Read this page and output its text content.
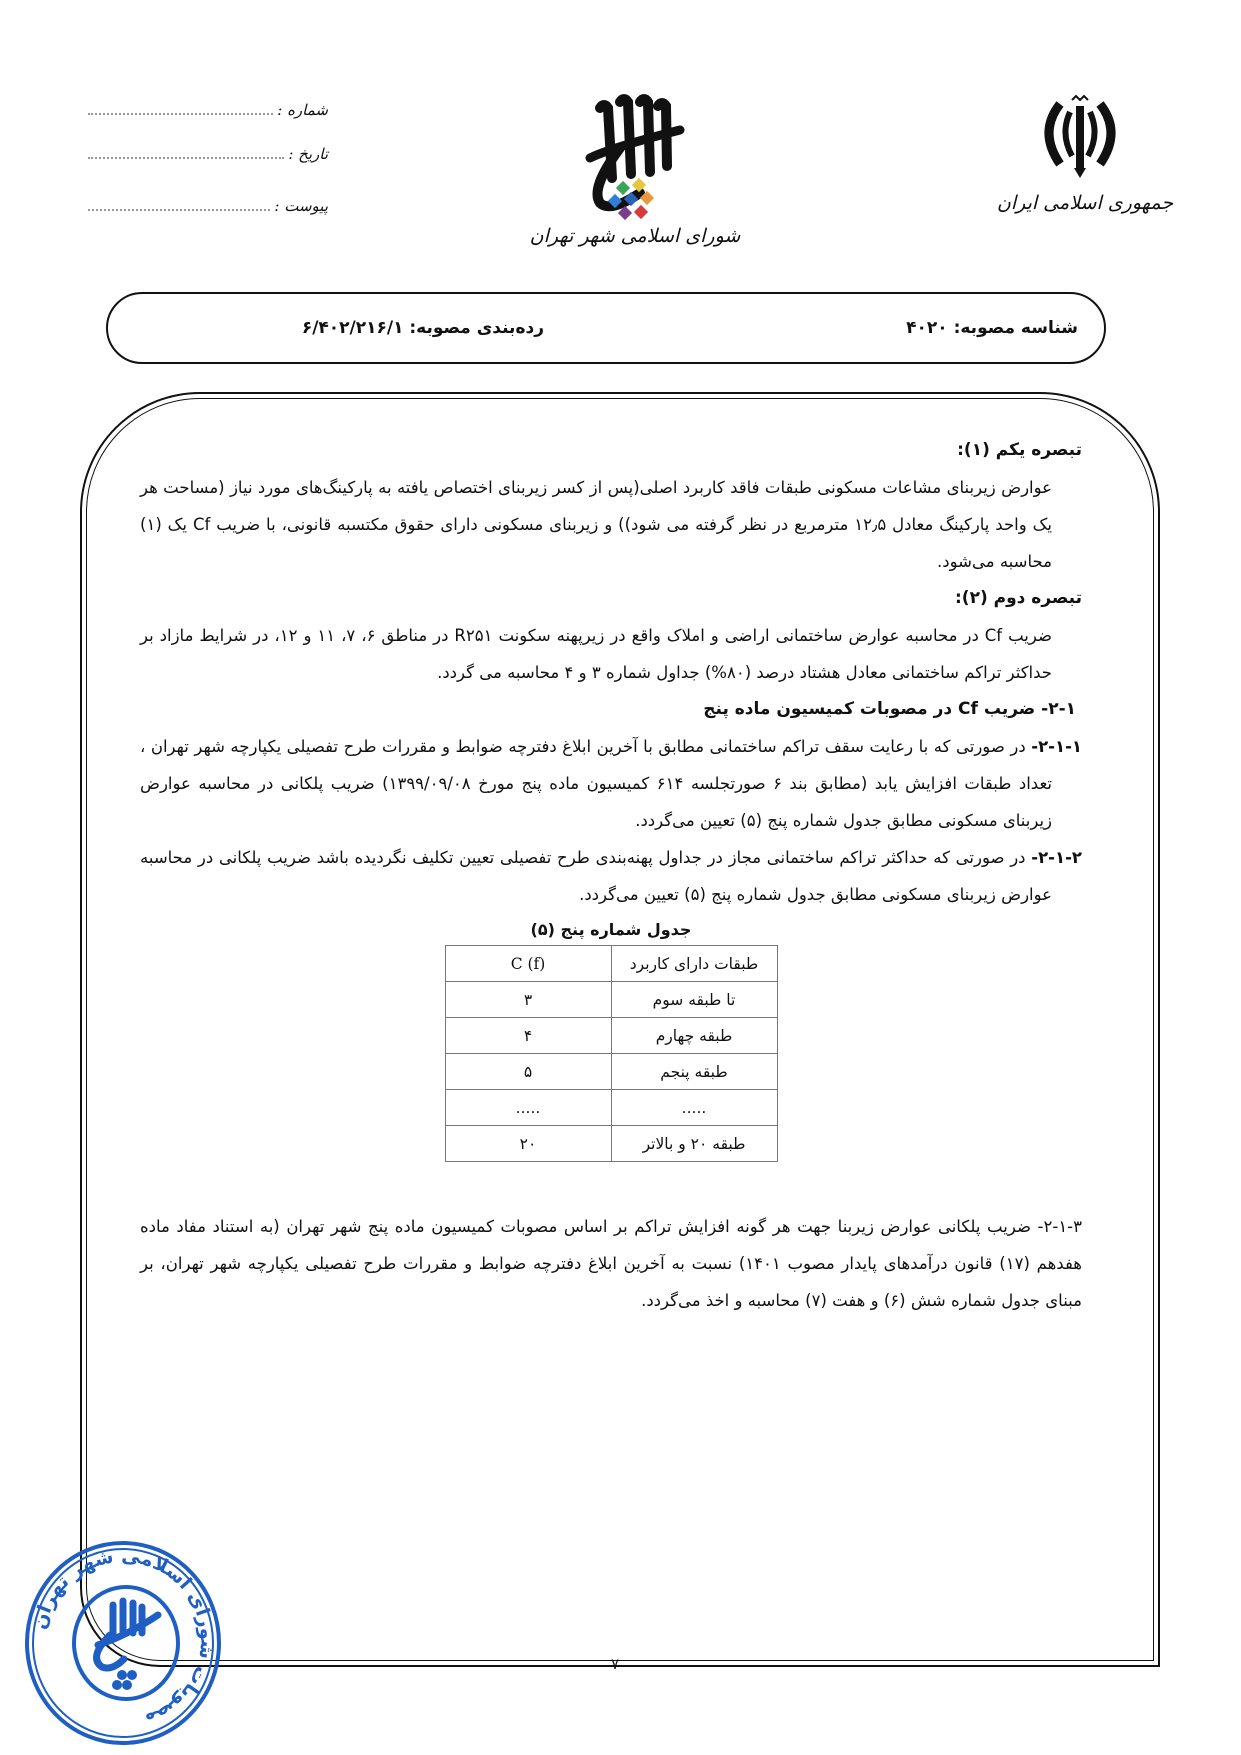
شماره :
تاریخ :
پیوست :
شورای اسلامی شهر تهران
جمهوری اسلامی ایران
شناسه مصوبه: ۴۰۲۰
رده‌بندی مصوبه: ۶/۴۰۲/۲۱۶/۱

تبصره یکم (۱):

عوارض زیربنای مشاعات مسکونی طبقات فاقد کاربرد اصلی(پس از کسر زیربنای اختصاص یافته به پارکینگ‌های مورد نیاز (مساحت هر یک واحد پارکینگ معادل ۱۲٫۵ مترمربع در نظر گرفته می شود)) و زیربنای مسکونی دارای حقوق مکتسبه قانونی، با ضریب Cf یک (۱) محاسبه می‌شود.

تبصره دوم (۲):

ضریب Cf در محاسبه عوارض ساختمانی اراضی و املاک واقع در زیرپهنه سکونت R۲۵۱ در مناطق ۶، ۷، ۱۱ و ۱۲، در شرایط مازاد بر حداکثر تراکم ساختمانی معادل هشتاد درصد (۸۰%) جداول شماره ۳ و ۴ محاسبه می گردد.

۲-۱- ضریب Cf در مصوبات کمیسیون ماده پنج

۲-۱-۱- در صورتی که با رعایت سقف تراکم ساختمانی مطابق با آخرین ابلاغ دفترچه ضوابط و مقررات طرح تفصیلی یکپارچه شهر تهران ، تعداد طبقات افزایش یابد (مطابق بند ۶ صورتجلسه ۶۱۴ کمیسیون ماده پنج مورخ ۱۳۹۹/۰۹/۰۸) ضریب پلکانی در محاسبه عوارض زیربنای مسکونی مطابق جدول شماره پنج (۵) تعیین می‌گردد.

۲-۱-۲- در صورتی که حداکثر تراکم ساختمانی مجاز در جداول پهنه‌بندی طرح تفصیلی تعیین تکلیف نگردیده باشد ضریب پلکانی در محاسبه عوارض زیربنای مسکونی مطابق جدول شماره پنج (۵) تعیین می‌گردد.

جدول شماره پنج (۵)
طبقات دارای کاربرد	C (f)
تا طبقه سوم	۳
طبقه چهارم	۴
طبقه پنجم	۵
.....	.....
طبقه ۲۰ و بالاتر	۲۰

۲-۱-۳- ضریب پلکانی عوارض زیربنا جهت هر گونه افزایش تراکم بر اساس مصوبات کمیسیون ماده پنج شهر تهران (به استناد مفاد ماده هفدهم (۱۷) قانون درآمدهای پایدار مصوب ۱۴۰۱) نسبت به آخرین ابلاغ دفترچه ضوابط و مقررات طرح تفصیلی یکپارچه شهر تهران، بر مبنای جدول شماره شش (۶) و هفت (۷) محاسبه و اخذ می‌گردد.

۷
مصوبات شورای اسلامی شهر تهران
